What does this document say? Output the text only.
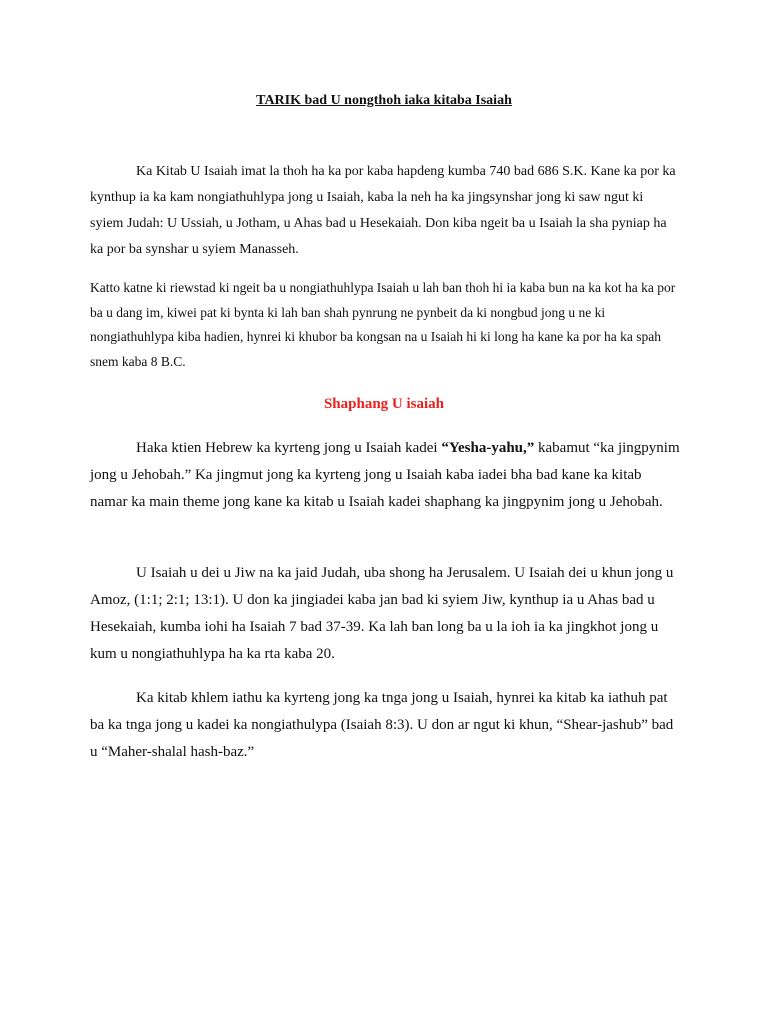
TARIK bad U nongthoh iaka kitaba Isaiah

Ka Kitab U Isaiah imat la thoh ha ka por kaba hapdeng kumba 740 bad 686 S.K. Kane ka por ka kynthup ia ka kam nongiathuhlypa jong u Isaiah, kaba la neh ha ka jingsynshar jong ki saw ngut ki syiem Judah: U Ussiah, u Jotham, u Ahas bad u Hesekaiah. Don kiba ngeit ba u Isaiah la sha pyniap ha ka por ba synshar u syiem Manasseh.

Katto katne ki riewstad ki ngeit ba u nongiathuhlypa Isaiah u lah ban thoh hi ia kaba bun na ka kot ha ka por ba u dang im, kiwei pat ki bynta ki lah ban shah pynrung ne pynbeit da ki nongbud jong u ne ki nongiathuhlypa kiba hadien, hynrei ki khubor ba kongsan na u Isaiah hi ki long ha kane ka por ha ka spah snem kaba 8 B.C.

Shaphang U isaiah

Haka ktien Hebrew ka kyrteng jong u Isaiah kadei “Yesha-yahu,” kabamut “ka jingpynim jong u Jehobah.” Ka jingmut jong ka kyrteng jong u Isaiah kaba iadei bha bad kane ka kitab namar ka main theme jong kane ka kitab u Isaiah kadei shaphang ka jingpynim jong u Jehobah.

U Isaiah u dei u Jiw na ka jaid Judah, uba shong ha Jerusalem. U Isaiah dei u khun jong u Amoz, (1:1; 2:1; 13:1). U don ka jingiadei kaba jan bad ki syiem Jiw, kynthup ia u Ahas bad u Hesekaiah, kumba iohi ha Isaiah 7 bad 37-39. Ka lah ban long ba u la ioh ia ka jingkhot jong u kum u nongiathuhlypa ha ka rta kaba 20.

Ka kitab khlem iathu ka kyrteng jong ka tnga jong u Isaiah, hynrei ka kitab ka iathuh pat ba ka tnga jong u kadei ka nongiathulypa (Isaiah 8:3). U don ar ngut ki khun, “Shear-jashub” bad u “Maher-shalal hash-baz.”
